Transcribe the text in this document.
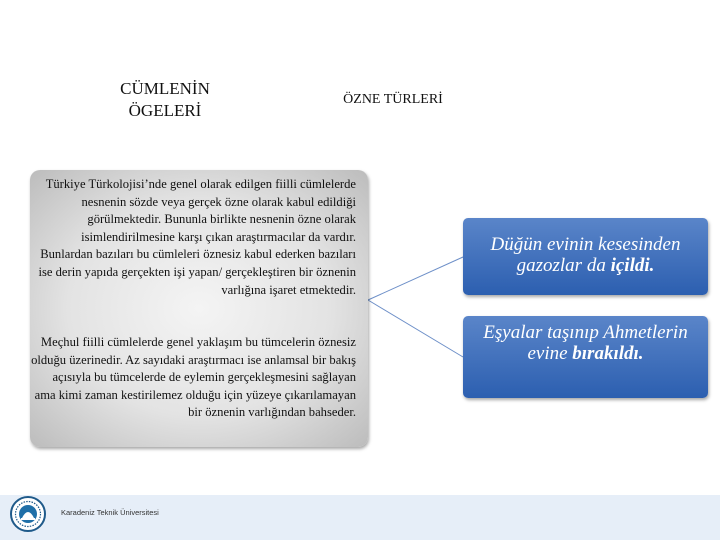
CÜMLENİN
ÖGELERİ
ÖZNE TÜRLERİ
Türkiye Türkolojisi’nde genel olarak edilgen fiilli cümlelerde nesnenin sözde veya gerçek özne olarak kabul edildiği görülmektedir. Bununla birlikte nesnenin özne olarak isimlendirilmesine karşı çıkan araştırmacılar da vardır. Bunlardan bazıları bu cümleleri öznesiz kabul ederken bazıları ise derin yapıda gerçekten işi yapan/ gerçekleştiren bir öznenin varlığına işaret etmektedir.
Meçhul fiilli cümlelerde genel yaklaşım bu tümcelerin öznesiz olduğu üzerinedir. Az sayıdaki araştırmacı ise anlamsal bir bakış açısıyla bu tümcelerde de eylemin gerçekleşmesini sağlayan ama kimi zaman kestirilemez olduğu için yüzeye çıkarılamayan bir öznenin varlığından bahseder.
Düğün evinin kesesinden gazozlar da içildi.
Eşyalar taşınıp Ahmetlerin evine bırakıldı.
Karadeniz Teknik Üniversitesi
